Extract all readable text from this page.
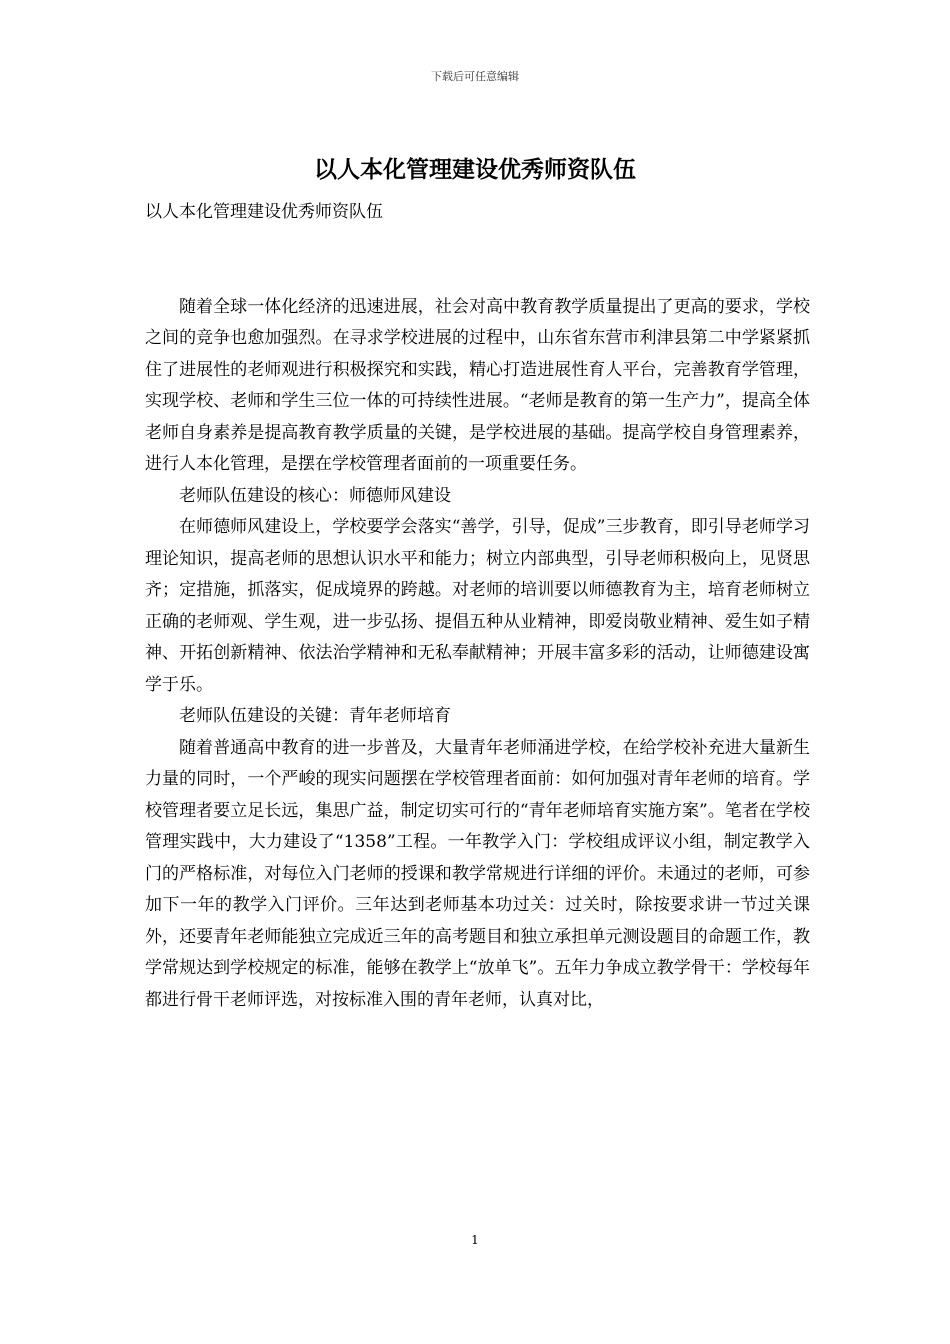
下载后可任意编辑
以人本化管理建设优秀师资队伍

以人本化管理建设优秀师资队伍

随着全球一体化经济的迅速进展，社会对高中教育教学质量提出了更高的要求，学校之间的竞争也愈加强烈。在寻求学校进展的过程中，山东省东营市利津县第二中学紧紧抓住了进展性的老师观进行积极探究和实践，精心打造进展性育人平台，完善教育学管理，实现学校、老师和学生三位一体的可持续性进展。“老师是教育的第一生产力”，提高全体老师自身素养是提高教育教学质量的关键，是学校进展的基础。提高学校自身管理素养，进行人本化管理，是摆在学校管理者面前的一项重要任务。

老师队伍建设的核心：师德师风建设

在师德师风建设上，学校要学会落实“善学，引导，促成”三步教育，即引导老师学习理论知识，提高老师的思想认识水平和能力；树立内部典型，引导老师积极向上，见贤思齐；定措施，抓落实，促成境界的跨越。对老师的培训要以师德教育为主，培育老师树立正确的老师观、学生观，进一步弘扬、提倡五种从业精神，即爱岗敬业精神、爱生如子精神、开拓创新精神、依法治学精神和无私奉献精神；开展丰富多彩的活动，让师德建设寓学于乐。

老师队伍建设的关键：青年老师培育

随着普通高中教育的进一步普及，大量青年老师涌进学校，在给学校补充进大量新生力量的同时，一个严峻的现实问题摆在学校管理者面前：如何加强对青年老师的培育。学校管理者要立足长远，集思广益，制定切实可行的“青年老师培育实施方案”。笔者在学校管理实践中，大力建设了“1358”工程。一年教学入门：学校组成评议小组，制定教学入门的严格标准，对每位入门老师的授课和教学常规进行详细的评价。未通过的老师，可参加下一年的教学入门评价。三年达到老师基本功过关：过关时，除按要求讲一节过关课外，还要青年老师能独立完成近三年的高考题目和独立承担单元测设题目的命题工作，教学常规达到学校规定的标准，能够在教学上“放单飞”。五年力争成立教学骨干：学校每年都进行骨干老师评选，对按标准入围的青年老师，认真对比，

1
